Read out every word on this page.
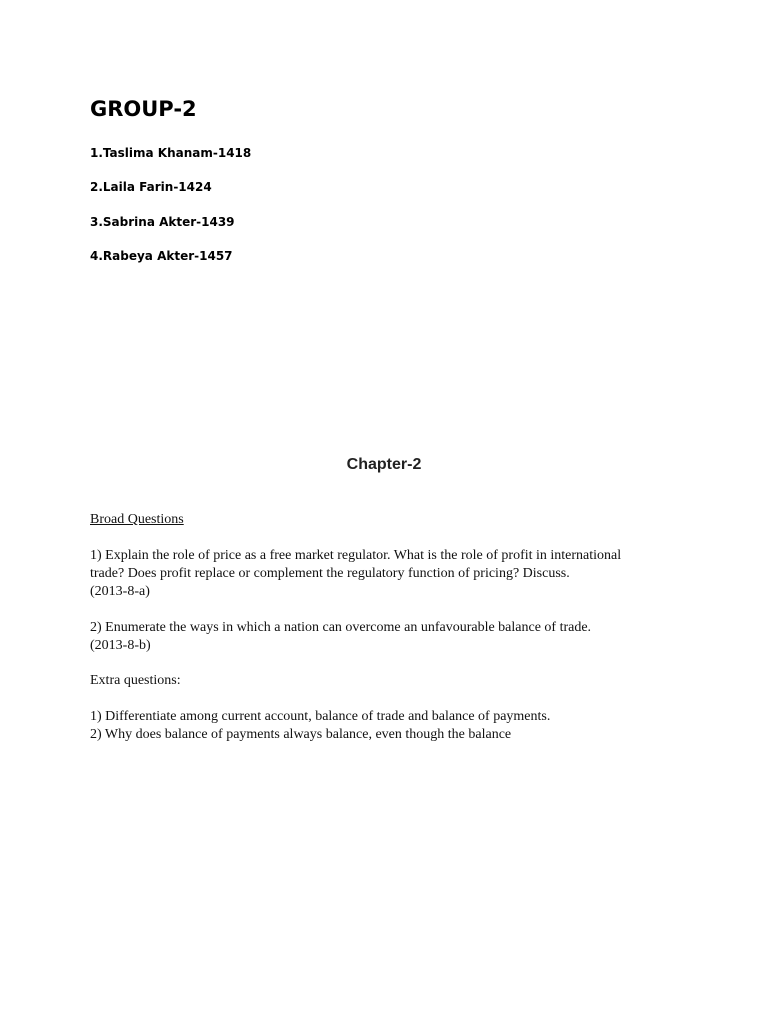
GROUP-2
1.Taslima Khanam-1418
2.Laila Farin-1424
3.Sabrina Akter-1439
4.Rabeya Akter-1457
Chapter-2
Broad Questions
1) Explain the role of price as a free market regulator. What is the role of profit in international
trade? Does profit replace or complement the regulatory function of pricing? Discuss.
(2013-8-a)
2) Enumerate the ways in which a nation can overcome an unfavourable balance of trade.
(2013-8-b)
Extra questions:
1) Differentiate among current account, balance of trade and balance of payments.
2) Why does balance of payments always balance, even though the balance
